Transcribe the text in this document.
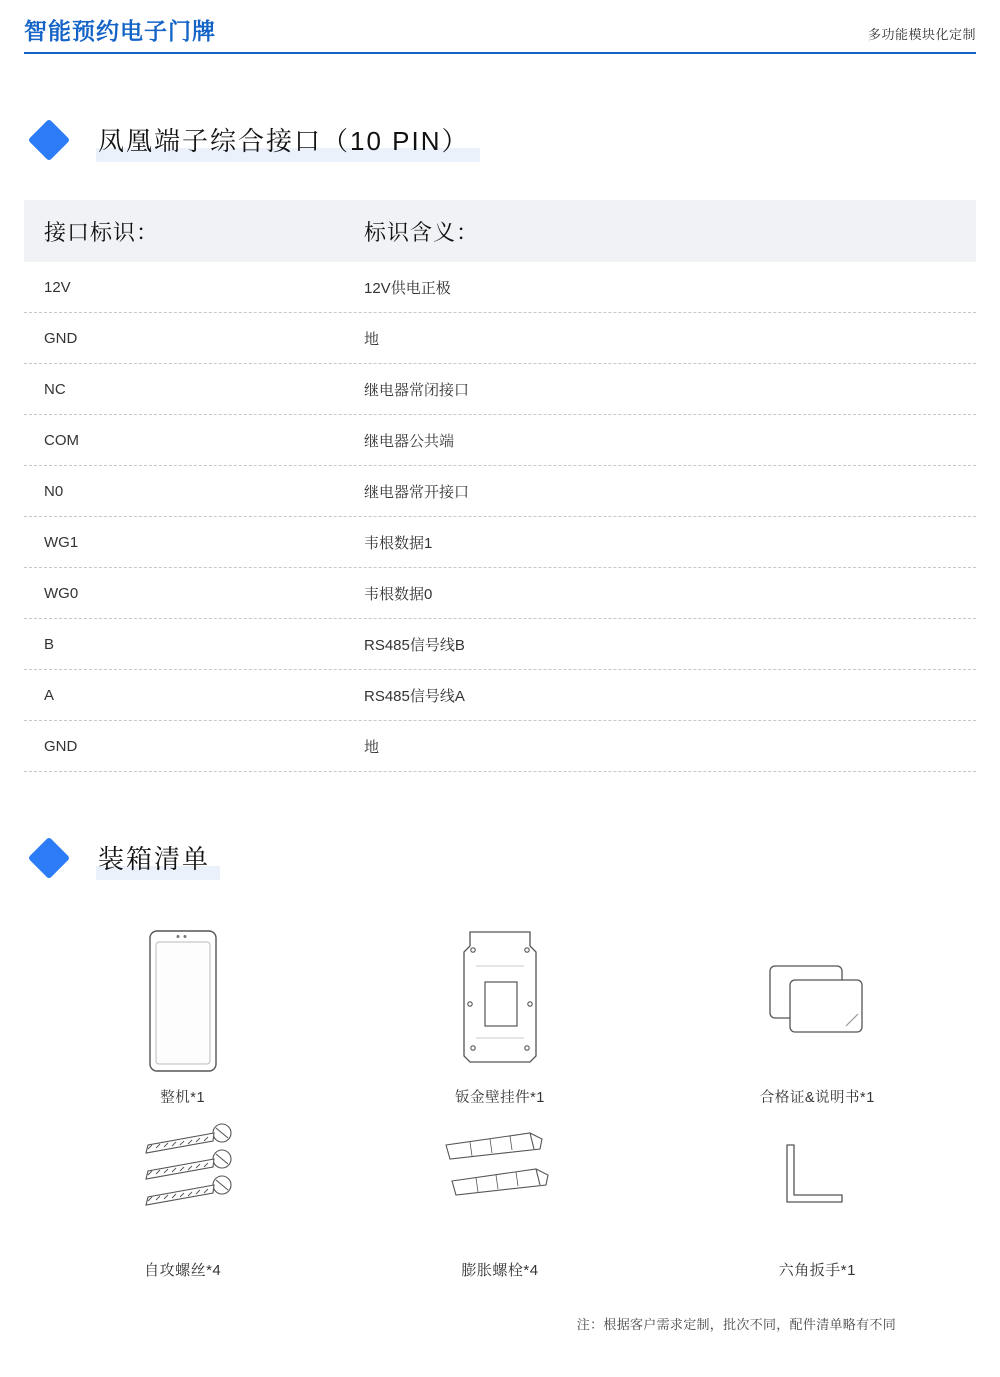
智能预约电子门牌	多功能模块化定制
凤凰端子综合接口（10 PIN）
接口标识：	标识含义：
12V	12V供电正极
GND	地
NC	继电器常闭接口
COM	继电器公共端
N0	继电器常开接口
WG1	韦根数据1
WG0	韦根数据0
B	RS485信号线B
A	RS485信号线A
GND	地
装箱清单
整机*1	钣金壁挂件*1	合格证&说明书*1
自攻螺丝*4	膨胀螺栓*4	六角扳手*1
注：根据客户需求定制，批次不同，配件清单略有不同
